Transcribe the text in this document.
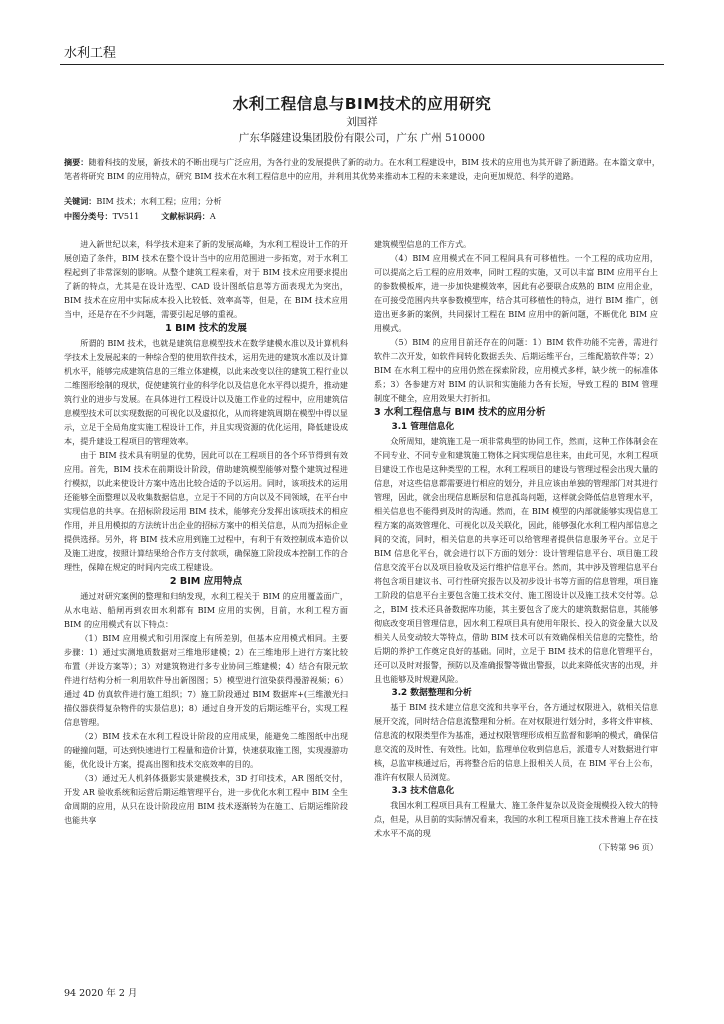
水利工程
水利工程信息与BIM技术的应用研究
刘国祥
广东华隧建设集团股份有限公司，广东 广州 510000
摘要：随着科技的发展，新技术的不断出现与广泛应用，为各行业的发展提供了新的动力。在水利工程建设中，BIM 技术的应用也为其开辟了新道路。在本篇文章中，笔者将研究 BIM 的应用特点，研究 BIM 技术在水利工程信息中的应用，并利用其优势来推动本工程的未来建设，走向更加规范、科学的道路。
关键词：BIM 技术；水利工程；应用；分析
中图分类号：TV511	文献标识码：A

进入新世纪以来，科学技术迎来了新的发展高峰，为水利工程设计工作的开展创造了条件，BIM 技术在整个设计当中的应用范围进一步拓宽，对于水利工程起到了非常深刻的影响。从整个建筑工程来看，对于 BIM 技术应用要求提出了新的特点，尤其是在设计选型、CAD 设计图纸信息等方面表现尤为突出，BIM 技术在应用中实际成本投入比较低、效率高等，但是，在 BIM 技术应用当中，还是存在不少问题，需要引起足够的重视。

1 BIM 技术的发展

所谓的 BIM 技术，也就是建筑信息模型技术在数学建模水准以及计算机科学技术上发展起来的一种综合型的使用软件技术，运用先进的建筑水准以及计算机水平，能够完成建筑信息的三维立体建模，以此来改变以往的建筑工程行业以二维图形绘制的现状，促使建筑行业的科学化以及信息化水平得以提升，推动建筑行业的进步与发展。在具体进行工程设计以及施工作业的过程中，应用建筑信息模型技术可以实现数据的可视化以及虚拟化，从而将建筑周期在模型中得以显示，立足于全局角度实施工程设计工作，并且实现资源的优化运用，降低建设成本，提升建设工程项目的管理效率。

由于 BIM 技术具有明显的优势，因此可以在工程项目的各个环节得到有效应用。首先，BIM 技术在前期设计阶段，借助建筑模型能够对整个建筑过程进行模拟，以此来使设计方案中选出比较合适的予以运用。同时，该项技术的运用还能够全面整理以及收集数据信息，立足于不同的方向以及不同领域，在平台中实现信息的共享。在招标阶段运用 BIM 技术，能够充分发挥出该项技术的相应作用，并且用模拟的方法统计出企业的招标方案中的相关信息，从而为招标企业提供选择。另外，将 BIM 技术应用到施工过程中，有利于有效控制成本造价以及施工进度，按照计算结果给合作方支付款项，确保施工阶段成本控制工作的合理性，保障在规定的时间内完成工程建设。

2 BIM 应用特点

通过对研究案例的整理和归纳发现，水利工程关于 BIM 的应用覆盖面广，从水电站、船闸再到农田水利都有 BIM 应用的实例，目前，水利工程方面 BIM 的应用模式有以下特点：

（1）BIM 应用模式和引用深度上有所差别，但基本应用模式相同。主要步骤：1）通过实测地质数据对三维地形建模；2）在三维地形上进行方案比较布置（并设方案等）；3）对建筑物进行多专业协同三维建模；4）结合有限元软件进行结构分析一利用软件导出新图图；5）模型进行渲染获得漫游视频；6）通过 4D 仿真软件进行施工组织；7）施工阶段通过 BIM 数据库+(三维激光扫描仪器获得复杂物件的实景信息)；8）通过自身开发的后期运维平台，实现工程信息管理。

（2）BIM 技术在水利工程设计阶段的应用成果，能避免二维图纸中出现的碰撞问题，可达到快速进行工程量和造价计算，快速获取施工图，实现漫游功能，优化设计方案，提高出图和技术交底效率的目的。

（3）通过无人机斜体摄影实景建模技术，3D 打印技术，AR 图纸交付，开发 AR 验收系统和运营后期运维管理平台，进一步优化水利工程中 BIM 全生命周期的应用，从只在设计阶段应用 BIM 技术逐渐转为在施工、后期运维阶段也能共享

建筑模型信息的工作方式。

（4）BIM 应用模式在不同工程间具有可移植性。一个工程的成功应用，可以提高之后工程的应用效率，同时工程的实施，又可以丰富 BIM 应用平台上的参数模板库，进一步加快建模效率，因此有必要联合成熟的 BIM 应用企业，在可接受范围内共享参数模型库，结合其可移植性的特点，进行 BIM 推广，创造出更多新的案例，共同探讨工程在 BIM 应用中的新问题，不断优化 BIM 应用模式。

（5）BIM 的应用目前还存在的问题：1）BIM 软件功能不完善，需进行软件二次开发，如软件间转化数据丢失、后期运维平台，三维配筋软件等；2）BIM 在水利工程中的应用仍然在探索阶段，应用模式多样，缺少统一的标准体系；3）各参建方对 BIM 的认识和实施能力各有长短，导致工程的 BIM 管理制度不健全，应用效果大打折扣。

3 水利工程信息与 BIM 技术的应用分析
3.1 管理信息化

众所周知，建筑施工是一项非常典型的协同工作，然而，这种工作体制会在不同专业、不同专业和建筑施工物体之间实现信息往来，由此可见，水利工程项目建设工作也是这种类型的工程，水利工程项目的建设与管理过程会出现大量的信息，对这些信息都需要进行相应的划分，并且应该由单独的管理部门对其进行管理，因此，就会出现信息断层和信息孤岛问题，这样就会降低信息管理水平，相关信息也不能得到及时的沟通。然而，在 BIM 模型的内部就能够实现信息工程方案的高效管理化、可视化以及关联化，因此，能够强化水利工程内部信息之间的交流，同时，相关信息的共享还可以给管理者提供信息服务平台。立足于 BIM 信息化平台，就会进行以下方面的划分：设计管理信息平台、项目施工段信息交流平台以及项目验收及运行维护信息平台。然而，其中涉及管理信息平台将包含项目建议书、可行性研究报告以及初步设计书等方面的信息管理，项目施工阶段的信息平台主要包含施工技术交付、施工图设计以及施工技术交付等。总之，BIM 技术还具备数据库功能，其主要包含了庞大的建筑数据信息，其能够彻底改变项目管理信息，因水利工程项目具有使用年限长、投入的资金量大以及相关人员变动较大等特点，借助 BIM 技术可以有效确保相关信息的完整性，给后期的养护工作奠定良好的基础。同时，立足于 BIM 技术的信息化管理平台，还可以及时对报警，预防以及准确报警等做出警报，以此来降低灾害的出现，并且也能够及时规避风险。

3.2 数据整理和分析

基于 BIM 技术建立信息交流和共享平台，各方通过权限进入，就相关信息展开交流，同时结合信息流整理和分析。在对权限进行划分时，多将文件审核、信息流的权限类型作为基准，通过权限管理形成相互监督和影响的模式，确保信息交流的及时性、有效性。比如，监理单位收到信息后，派遣专人对数据进行审核，总监审核通过后，再将整合后的信息上报相关人员，在 BIM 平台上公布，准许有权限人员浏览。

3.3 技术信息化

我国水利工程项目具有工程量大、施工条件复杂以及资金規模投入较大的特点，但是，从目前的实际情况看来，我国的水利工程项目施工技术普遍上存在技术水平不高的现

（下转第 96 页）

94 2020 年 2 月
